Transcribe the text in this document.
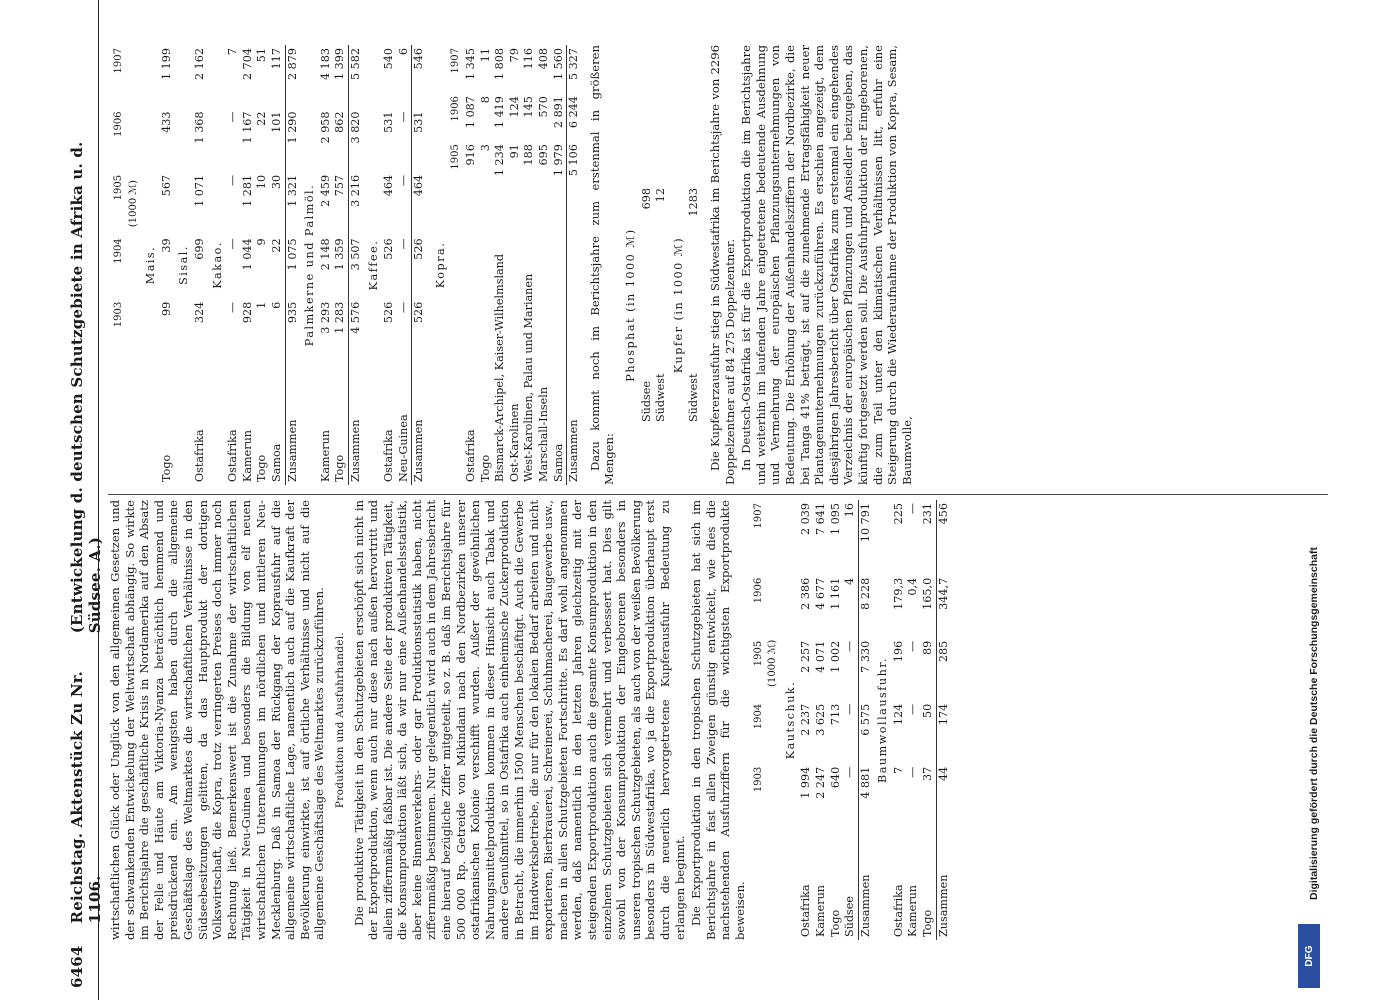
6464
Reichstag. Aktenstück Zu Nr. 1106.
(Entwickelung d. deutschen Schutzgebiete in Afrika u. d. Südsee. A.) wirtschaftlichen Glück oder Unglück von den allgemeinen Gesetzen und der schwankenden Entwickelung der Weltwirtschaft abhängig. So wirkte im Berichtsjahre die geschäftliche Krisis in Nordamerika auf den Absatz der Felle und Häute am Viktoria-Nyanza beträchtlich hemmend und preisdrückend ein. Am wenigsten haben durch die allgemeine Geschäftslage des Weltmarktes die wirtschaftlichen Verhältnisse in den Südseebesitzungen gelitten, da das Hauptprodukt der dortigen Volkswirtschaft, die Kopra, trotz verringerten Preises doch immer noch Rechnung ließ. Bemerkenswert ist die Zunahme der wirtschaftlichen Tätigkeit in Neu-Guinea und besonders die Bildung von elf neuen wirtschaftlichen Unternehmungen im nördlichen und mittleren Neu-Mecklenburg. Daß in Samoa der Rückgang der Koprausfuhr auf die allgemeine wirtschaftliche Lage, namentlich auch auf die Kaufkraft der Bevölkerung einwirkte, ist auf örtliche Verhältnisse und nicht auf die allgemeine Geschäftslage des Weltmarktes zurückzuführen. Produktion und Ausfuhrhandel. Die produktive Tätigkeit in den Schutzgebieten erschöpft sich nicht in der Exportproduktion, wenn auch nur diese nach außen hervortritt und allein ziffernmäßig faßbar ist. Die andere Seite der produktiven Tätigkeit, die Konsumproduktion läßt sich, da wir nur eine Außenhandelsstatistik, aber keine Binnenverkehrs- oder gar Produktionsstatistik haben, nicht ziffernmäßig bestimmen. Nur gelegentlich wird auch in dem Jahresbericht eine hierauf bezügliche Ziffer mitgeteilt, so z. B. daß im Berichtsjahre für 500 000 Rp. Getreide von Mikindani nach den Nordbezirken unserer ostafrikanischen Kolonie verschifft wurden. Außer der gewöhnlichen Nahrungsmittelproduktion kommen in dieser Hinsicht auch Tabak und andere Genußmittel, so in Ostafrika auch einheimische Zuckerproduktion in Betracht, die immerhin 1500 Menschen beschäftigt. Auch die Gewerbe im Handwerksbetriebe, die nur für den lokalen Bedarf arbeiten und nicht exportieren, Bierbrauerei, Schreinerei, Schuhmacherei, Baugewerbe usw., machen in allen Schutzgebieten Fortschritte. Es darf wohl angenommen werden, daß namentlich in den letzten Jahren gleichzeitig mit der steigenden Exportproduktion auch die gesamte Konsumproduktion in den einzelnen Schutzgebieten sich vermehrt und verbessert hat. Dies gilt sowohl von der Konsumproduktion der Eingeborenen besonders in unseren tropischen Schutzgebieten, als auch von der weißen Bevölkerung besonders in Südwestafrika, wo ja die Exportproduktion überhaupt erst durch die neuerlich hervorgetretene Kupferausfuhr Bedeutung zu erlangen beginnt. Die Exportproduktion in den tropischen Schutzgebieten hat sich im Berichtsjahre in fast allen Zweigen günstig entwickelt, wie dies die nachstehenden Ausfuhrziffern für die wichtigsten Exportprodukte beweisen.

	1903	1904	1905	1906	1907
	(1000 ℳ)				
Kautschuk.					
Ostafrika	1 994	2 237	2 257	2 386	2 039
Kamerun	2 247	3 625	4 071	4 677	7 641
Togo	640	713	1 002	1 161	1 095
Südsee	—	—	—	4	16
Zusammen	4 881	6 575	7 330	8 228	10 791
Baumwollausfuhr.					
Ostafrika	7	124	196	179,3	225
Kamerun	—	—	—	0,4	—
Togo	37	50	89	165,0	231
Zusammen	44	174	285	344,7	456
	1903	1904	1905	1906	1907
	(1000 ℳ)				
Mais.					
Togo	99	39	567	433	1 199
Sisal.					
Ostafrika	324	699	1 071	1 368	2 162
Kakao.					
Ostafrika	—	—	—	—	7
Kamerun	928	1 044	1 281	1 167	2 704
Togo	1	9	10	22	51
Samoa	6	22	30	101	117
Zusammen	935	1 075	1 321	1 290	2 879
Palmkerne und Palmöl.					
Kamerun	3 293	2 148	2 459	2 958	4 183
Togo	1 283	1 359	757	862	1 399
Zusammen	4 576	3 507	3 216	3 820	5 582
Kaffee.					
Ostafrika	526	526	464	531	540
Neu-Guinea	—	—	—	—	6
Zusammen	526	526	464	531	546
Kopra.			
	1905	1906	1907
Ostafrika	916	1 087	1 345
Togo	3	8	11
Bismarck-Archipel, Kaiser-Wilhelmsland	1 234	1 419	1 808
Ost-Karolinen	91	124	79
West-Karolinen, Palau und Marianen	188	145	116
Marschall-Inseln	695	570	408
Samoa	1 979	2 891	1 560
Zusammen	5 106	6 244	5 327 Dazu kommt noch im Berichtsjahre zum erstenmal in größeren Mengen:

Phosphat (in 1000 ℳ)	
Südsee	698
Südwest	12
Kupfer (in 1000 ℳ)	
Südwest	1283 Die Kupfererzausfuhr stieg in Südwestafrika im Berichtsjahre von 2296 Doppelzentner auf 84 275 Doppelzentner. In Deutsch-Ostafrika ist für die Exportproduktion die im Berichtsjahre und weiterhin im laufenden Jahre eingetretene bedeutende Ausdehnung und Vermehrung der europäischen Pflanzungsunternehmungen von Bedeutung. Die Erhöhung der Außenhandelsziffern der Nordbezirke, die bei Tanga 41% beträgt, ist auf die zunehmende Ertragsfähigkeit neuer Plantagenunternehmungen zurückzuführen. Es erschien angezeigt, dem diesjährigen Jahresbericht über Ostafrika zum erstenmal ein eingehendes Verzeichnis der europäischen Pflanzungen und Ansiedler beizugeben, das künftig fortgesetzt werden soll. Die Ausfuhrproduktion der Eingeborenen, die zum Teil unter den klimatischen Verhältnissen litt, erfuhr eine Steigerung durch die Wiederaufnahme der Produktion von Kopra, Sesam, Baumwolle,

DFG
Digitalisierung gefördert durch die Deutsche Forschungsgemeinschaft
